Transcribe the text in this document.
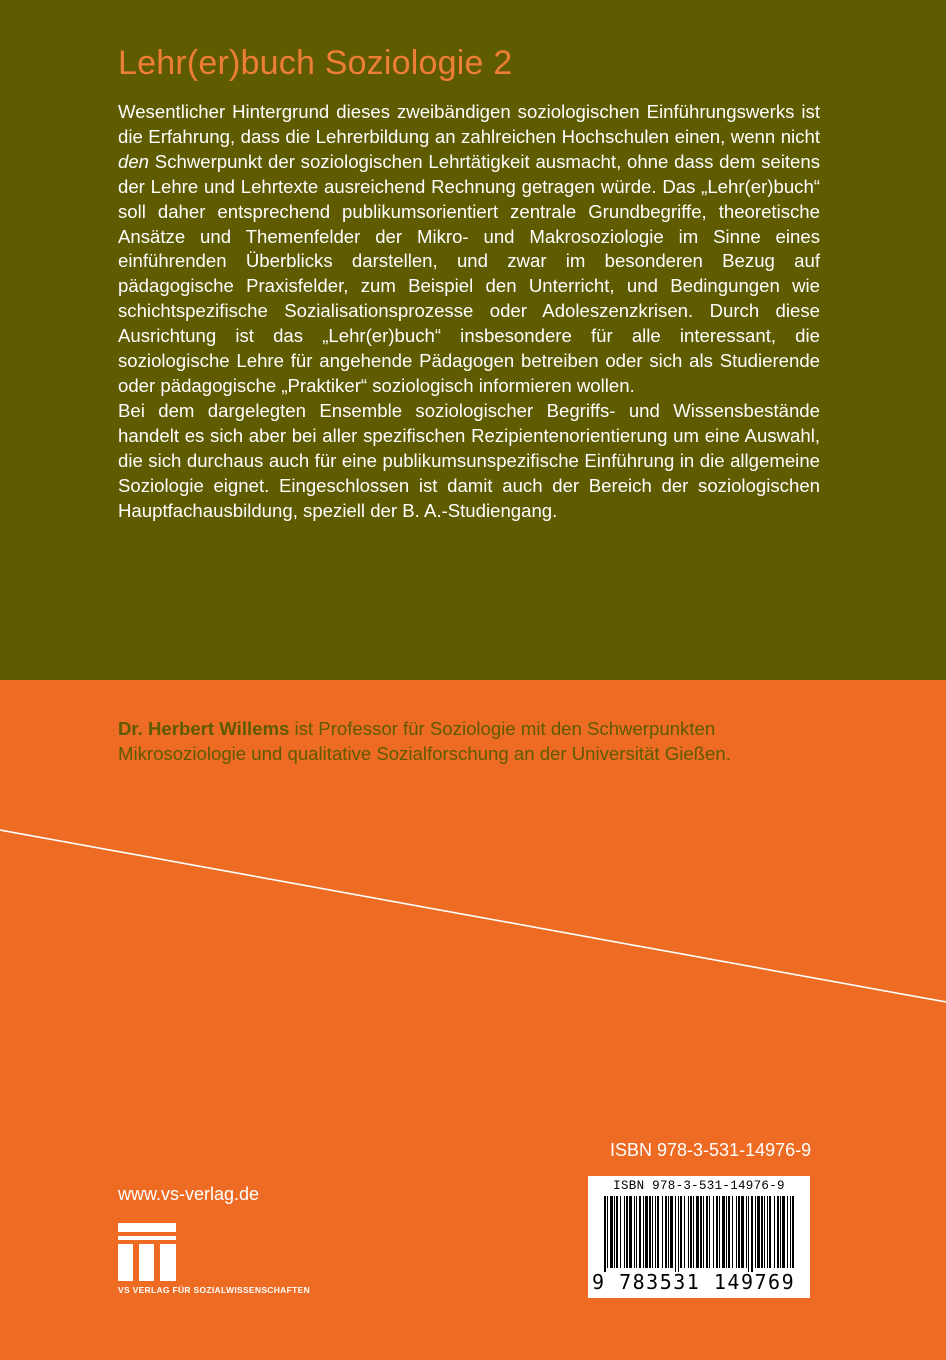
Lehr(er)buch Soziologie 2

Wesentlicher Hintergrund dieses zweibändigen soziologischen Einführungswerks ist die Erfahrung, dass die Lehrerbildung an zahlreichen Hochschulen einen, wenn nicht den Schwerpunkt der soziologischen Lehrtätigkeit ausmacht, ohne dass dem seitens der Lehre und Lehrtexte ausreichend Rechnung getragen würde. Das „Lehr(er)buch“ soll daher entsprechend publikumsorientiert zentrale Grundbegriffe, theoretische Ansätze und Themenfelder der Mikro- und Makrosoziologie im Sinne eines einführenden Überblicks darstellen, und zwar im besonderen Bezug auf pädagogische Praxisfelder, zum Beispiel den Unterricht, und Bedingungen wie schichtspezifische Sozialisationsprozesse oder Adoleszenzkrisen. Durch diese Ausrichtung ist das „Lehr(er)buch“ insbesondere für alle interessant, die soziologische Lehre für angehende Pädagogen betreiben oder sich als Studierende oder pädagogische „Praktiker“ soziologisch informieren wollen.

Bei dem dargelegten Ensemble soziologischer Begriffs- und Wissensbestände handelt es sich aber bei aller spezifischen Rezipientenorientierung um eine Auswahl, die sich durchaus auch für eine publikumsunspezifische Einführung in die allgemeine Soziologie eignet. Eingeschlossen ist damit auch der Bereich der soziologischen Hauptfachausbildung, speziell der B. A.-Studiengang.

Dr. Herbert Willems ist Professor für Soziologie mit den Schwerpunkten Mikrosoziologie und qualitative Sozialforschung an der Universität Gießen.
ISBN 978-3-531-14976-9
www.vs-verlag.de
VS VERLAG FÜR SOZIALWISSENSCHAFTEN
ISBN 978-3-531-14976-9
9 783531 149769
